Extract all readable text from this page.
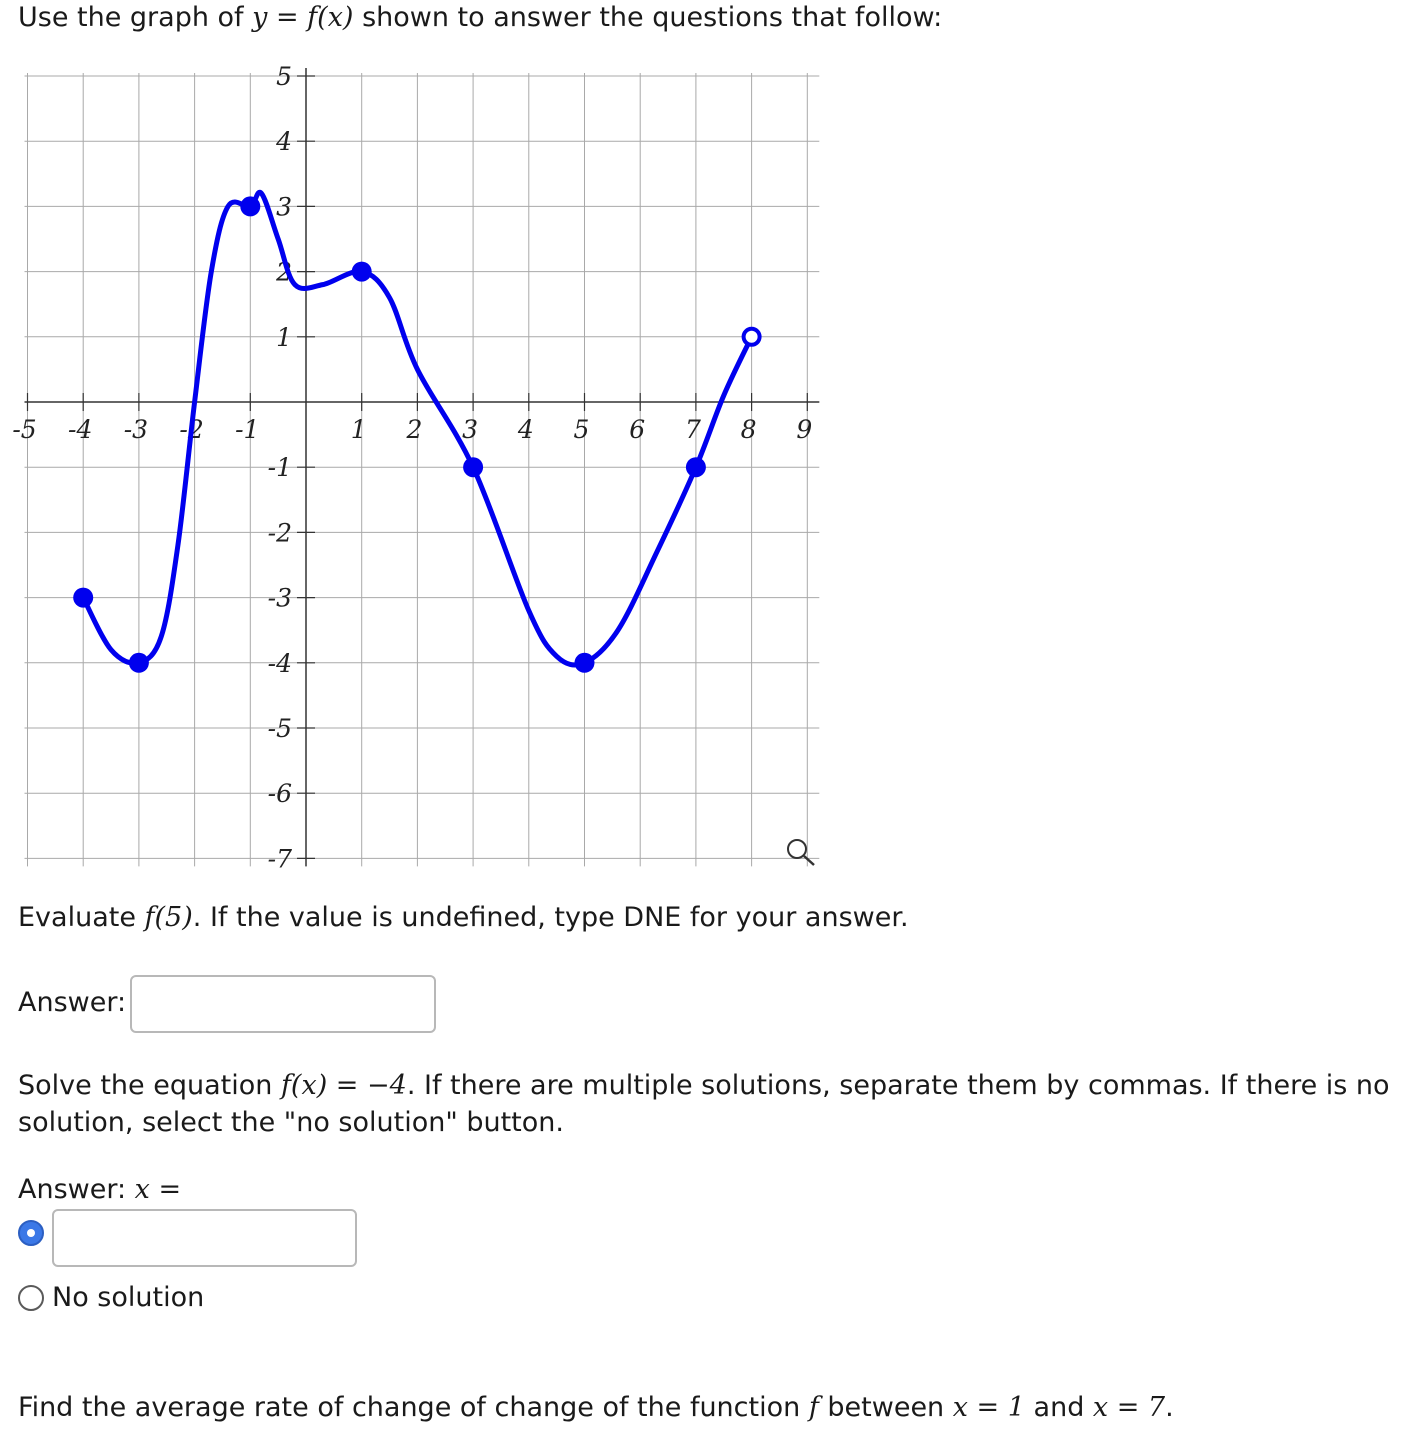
Use the graph of y = f(x) shown to answer the questions that follow:
-5 -4 -3 -2 -1	1 2 3 4 5 6 7 8 9
5
4
3
2
1
-1
-2
-3
-4
-5
-6
-7
Evaluate f(5). If the value is undefined, type DNE for your answer.
Answer:
Solve the equation f(x) = −4. If there are multiple solutions, separate them by commas. If there is no
solution, select the "no solution" button.
Answer: x =
No solution
Find the average rate of change of change of the function f between x = 1 and x = 7.
